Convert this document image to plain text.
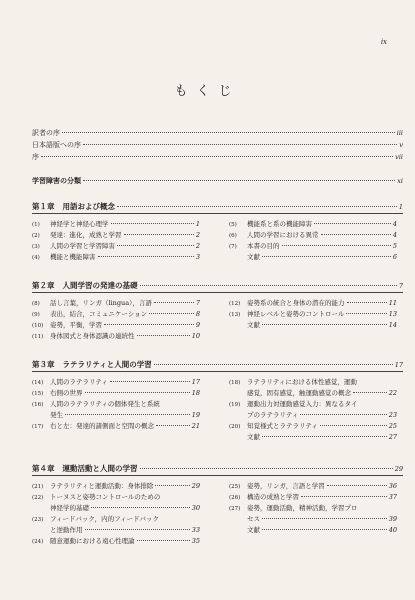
ix
もくじ
訳者の序	iii
日本語版への序	v
序	vii
学習障害の分類	xi
第１章 用語および概念	1
(1)	神経学と神経心理学	1
(2)	発達：進化，成熟と学習	2
(3)	人間の学習と学習障害	2
(4)	機能と機能障害	3
(5)	機能系と系の機能障害	4
(6)	人間の学習における異常	4
(7)	本書の目的	5
文献	6
第２章 人間学習の発達の基礎	7
(8)	話し言葉，リンガ（lingua），言語	7
(9)	表出，結合，コミュニケーション	8
(10)	姿勢，平衡，学習	9
(11)	身体図式と身体認識の連続性	10
(12)	姿勢系の統合と身体の潜在的能力	11
(13)	神経レベルと姿勢のコントロール	13
文献	14
第３章 ラテラリティと人間の学習	17
(14)	人間のラテラリティ	17
(15)	右側の世界	18
(16)	人間のラテラリティの個体発生と系統
発生	19
(17)	右と左：発達的諸側面と空間の概念	21
(18)	ラテラリティにおける体性感覚，運動
感覚，固有感覚，触運動感覚の概念	22
(19)	運動出力対運動感覚入力：異なるタイ
プのラテラリティ	23
(20)	知覚様式とラテラリティ	25
文献	27
第４章 運動活動と人間の学習	29
(21)	ラテラリティと運動活動：身体排除	29
(22)	トーヌスと姿勢コントロールのための
神経学的基礎	30
(23)	フィードバック，内的フィードバック
と逆動作用	33
(24)	随意運動における遠心性理論	35
(25)	姿勢，リンガ，言語と学習	36
(26)	構造の成熟と学習	37
(27)	姿勢，運動活動，精神活動，学習プロ
セス	39
文献	40
